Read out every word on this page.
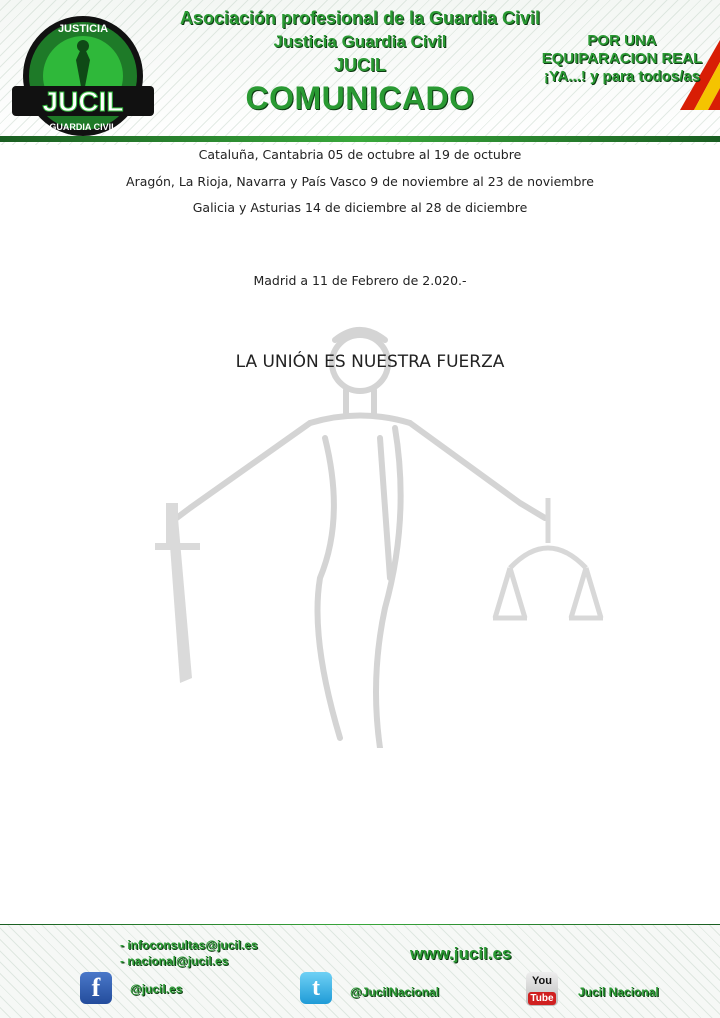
JUCIL
JUSTICIA
GUARDIA CIVIL
Asociación profesional de la Guardia Civil
Justicia Guardia Civil
JUCIL
COMUNICADO
POR UNA
EQUIPARACION REAL
¡YA...! y para todos/as
Cataluña, Cantabria 05 de octubre al 19 de octubre
Aragón, La Rioja, Navarra y País Vasco 9 de noviembre al 23 de noviembre
Galicia y Asturias 14 de diciembre al 28 de diciembre
Madrid a 11 de Febrero de 2.020.-
LA UNIÓN ES NUESTRA FUERZA
- infoconsultas@jucil.es
- nacional@jucil.es	www.jucil.es
f	@jucil.es	t	@JucilNacional
You
Tube	Jucil Nacional
